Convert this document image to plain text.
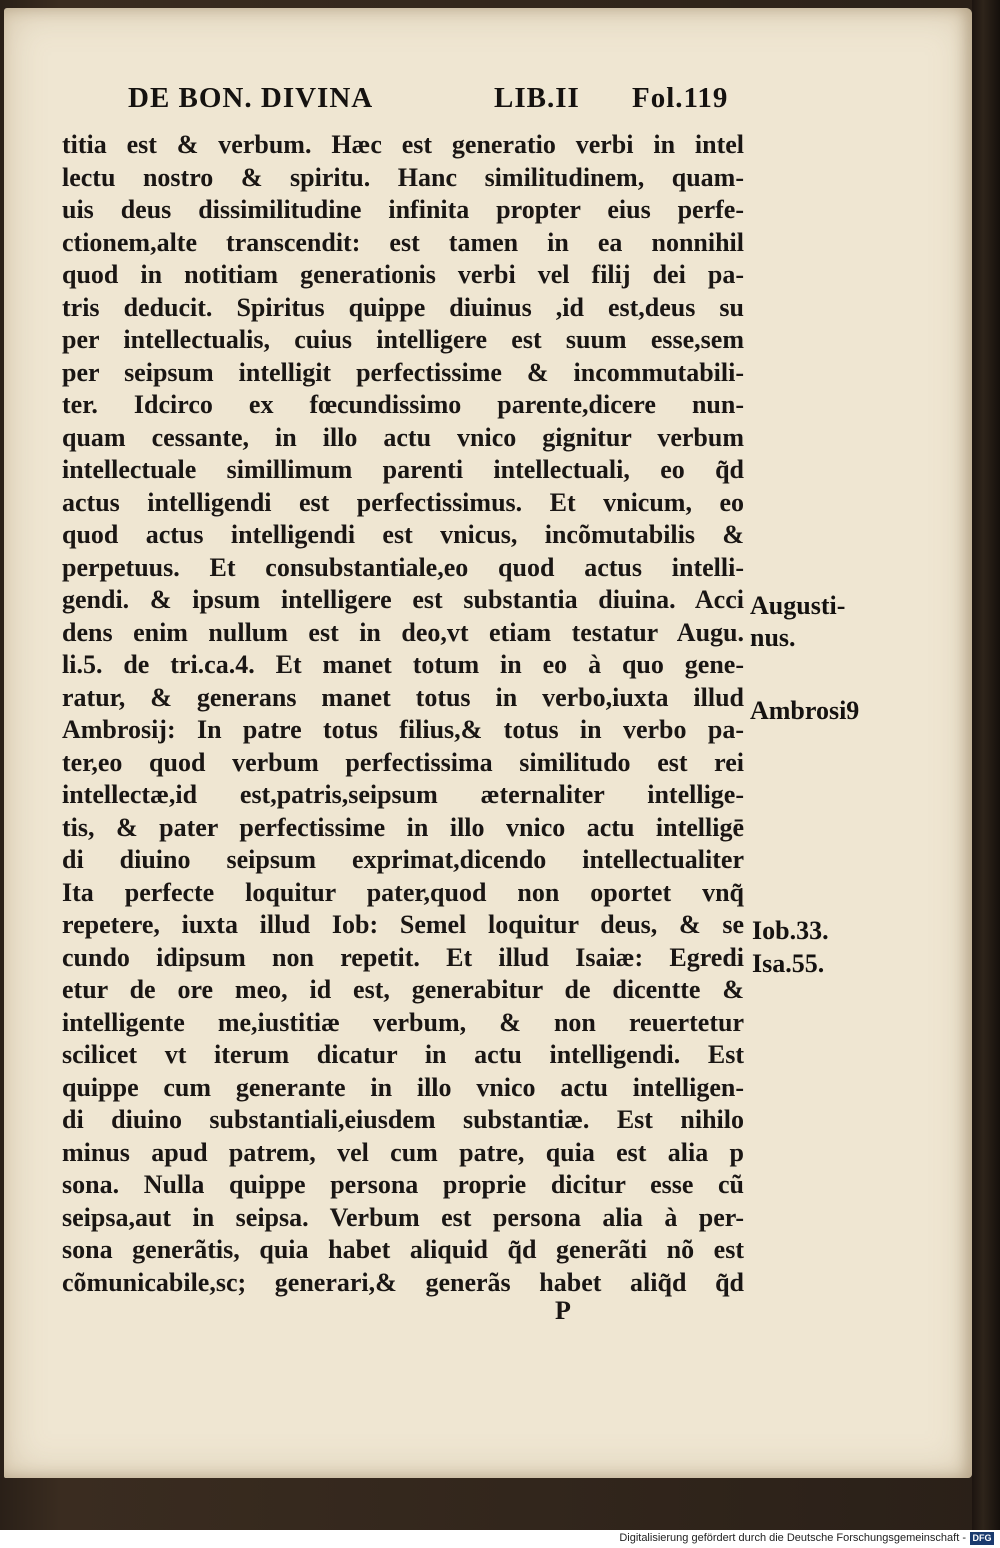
DE BON. DIVINA	LIB.II Fol.119
titia est & verbum. Hæc est generatio verbi in intel
lectu nostro & spiritu. Hanc similitudinem, quam-
uis deus dissimilitudine infinita propter eius perfe-
ctionem,alte transcendit: est tamen in ea nonnihil
quod in notitiam generationis verbi vel filij dei pa-
tris deducit. Spiritus quippe diuinus ,id est,deus su
per intellectualis, cuius intelligere est suum esse,sem
per seipsum intelligit perfectissime & incommutabili-
ter. Idcirco ex fœcundissimo parente,dicere nun-
quam cessante, in illo actu vnico gignitur verbum
intellectuale simillimum parenti intellectuali, eo q̃d
actus intelligendi est perfectissimus. Et vnicum, eo
quod actus intelligendi est vnicus, incõmutabilis &
perpetuus. Et consubstantiale,eo quod actus intelli-
gendi. & ipsum intelligere est substantia diuina. Acci
dens enim nullum est in deo,vt etiam testatur Augu.
li.5. de tri.ca.4. Et manet totum in eo à quo gene-
ratur, & generans manet totus in verbo,iuxta illud
Ambrosij: In patre totus filius,& totus in verbo pa-
ter,eo quod verbum perfectissima similitudo est rei
intellectæ,id est,patris,seipsum æternaliter intellige-
tis, & pater perfectissime in illo vnico actu intelligē
di diuino seipsum exprimat,dicendo intellectualiter
Ita perfecte loquitur pater,quod non oportet vnq̃
repetere, iuxta illud Iob: Semel loquitur deus, & se
cundo idipsum non repetit. Et illud Isaiæ: Egredi
etur de ore meo, id est, generabitur de dicentte &
intelligente me,iustitiæ verbum, & non reuertetur
scilicet vt iterum dicatur in actu intelligendi. Est
quippe cum generante in illo vnico actu intelligen-
di diuino substantiali,eiusdem substantiæ. Est nihilo
minus apud patrem, vel cum patre, quia est alia p
sona. Nulla quippe persona proprie dicitur esse cũ
seipsa,aut in seipsa. Verbum est persona alia à per-
sona generãtis, quia habet aliquid q̃d generãti nõ est
cõmunicabile,sc; generari,& generãs habet aliq̃d q̃d
P
Augusti-
nus.
Ambrosi9
Iob.33.
Isa.55.
Digitalisierung gefördert durch die Deutsche Forschungsgemeinschaft - DFG
